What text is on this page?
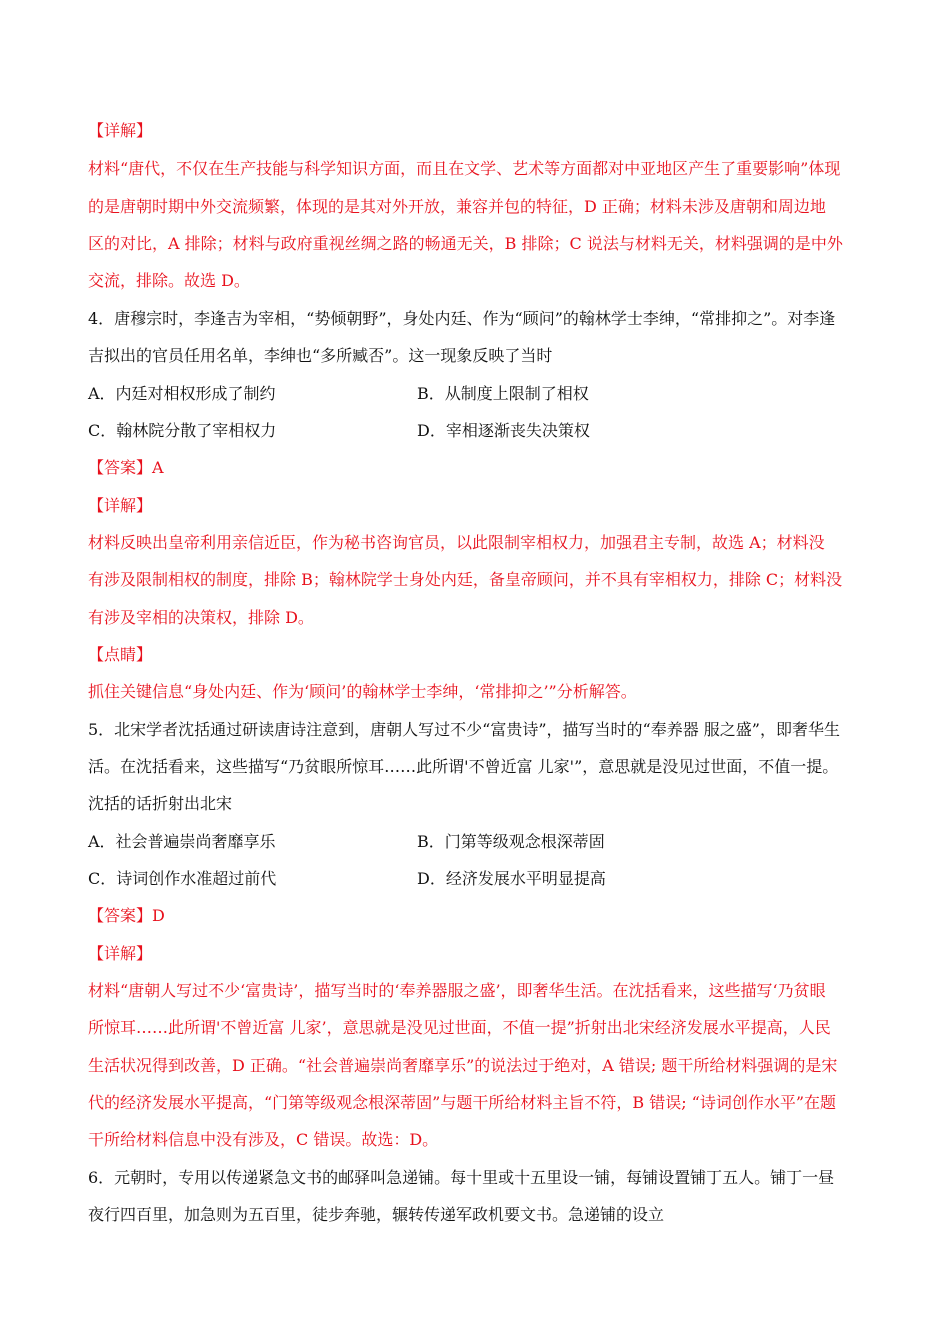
【详解】
材料“唐代，不仅在生产技能与科学知识方面，而且在文学、艺术等方面都对中亚地区产生了重要影响”体现
的是唐朝时期中外交流频繁，体现的是其对外开放，兼容并包的特征，D 正确；材料未涉及唐朝和周边地
区的对比，A 排除；材料与政府重视丝绸之路的畅通无关，B 排除；C 说法与材料无关，材料强调的是中外
交流，排除。故选 D。
4．唐穆宗时，李逢吉为宰相，“势倾朝野”，身处内廷、作为“顾问”的翰林学士李绅，“常排抑之”。对李逢
吉拟出的官员任用名单，李绅也“多所臧否”。这一现象反映了当时
A．内廷对相权形成了制约	B．从制度上限制了相权
C．翰林院分散了宰相权力	D．宰相逐渐丧失决策权
【答案】A
【详解】
材料反映出皇帝利用亲信近臣，作为秘书咨询官员，以此限制宰相权力，加强君主专制，故选 A；材料没
有涉及限制相权的制度，排除 B；翰林院学士身处内廷，备皇帝顾问，并不具有宰相权力，排除 C；材料没
有涉及宰相的决策权，排除 D。
【点睛】
抓住关键信息“身处内廷、作为‘顾问’的翰林学士李绅，‘常排抑之’”分析解答。
5．北宋学者沈括通过研读唐诗注意到，唐朝人写过不少“富贵诗”，描写当时的“奉养器 服之盛”，即奢华生
活。在沈括看来，这些描写“乃贫眼所惊耳……此所谓'不曾近富 儿家'”，意思就是没见过世面，不值一提。
沈括的话折射出北宋
A．社会普遍崇尚奢靡享乐	B．门第等级观念根深蒂固
C．诗词创作水准超过前代	D．经济发展水平明显提高
【答案】D
【详解】
材料“唐朝人写过不少‘富贵诗’，描写当时的‘奉养器服之盛’，即奢华生活。在沈括看来，这些描写‘乃贫眼
所惊耳……此所谓'不曾近富 儿家’，意思就是没见过世面，不值一提”折射出北宋经济发展水平提高，人民
生活状况得到改善，D 正确。“社会普遍崇尚奢靡享乐”的说法过于绝对，A 错误; 题干所给材料强调的是宋
代的经济发展水平提高，“门第等级观念根深蒂固”与题干所给材料主旨不符，B 错误; “诗词创作水平”在题
干所给材料信息中没有涉及，C 错误。故选：D。
6．元朝时，专用以传递紧急文书的邮驿叫急递铺。每十里或十五里设一铺，每铺设置铺丁五人。铺丁一昼
夜行四百里，加急则为五百里，徒步奔驰，辗转传递军政机要文书。急递铺的设立
